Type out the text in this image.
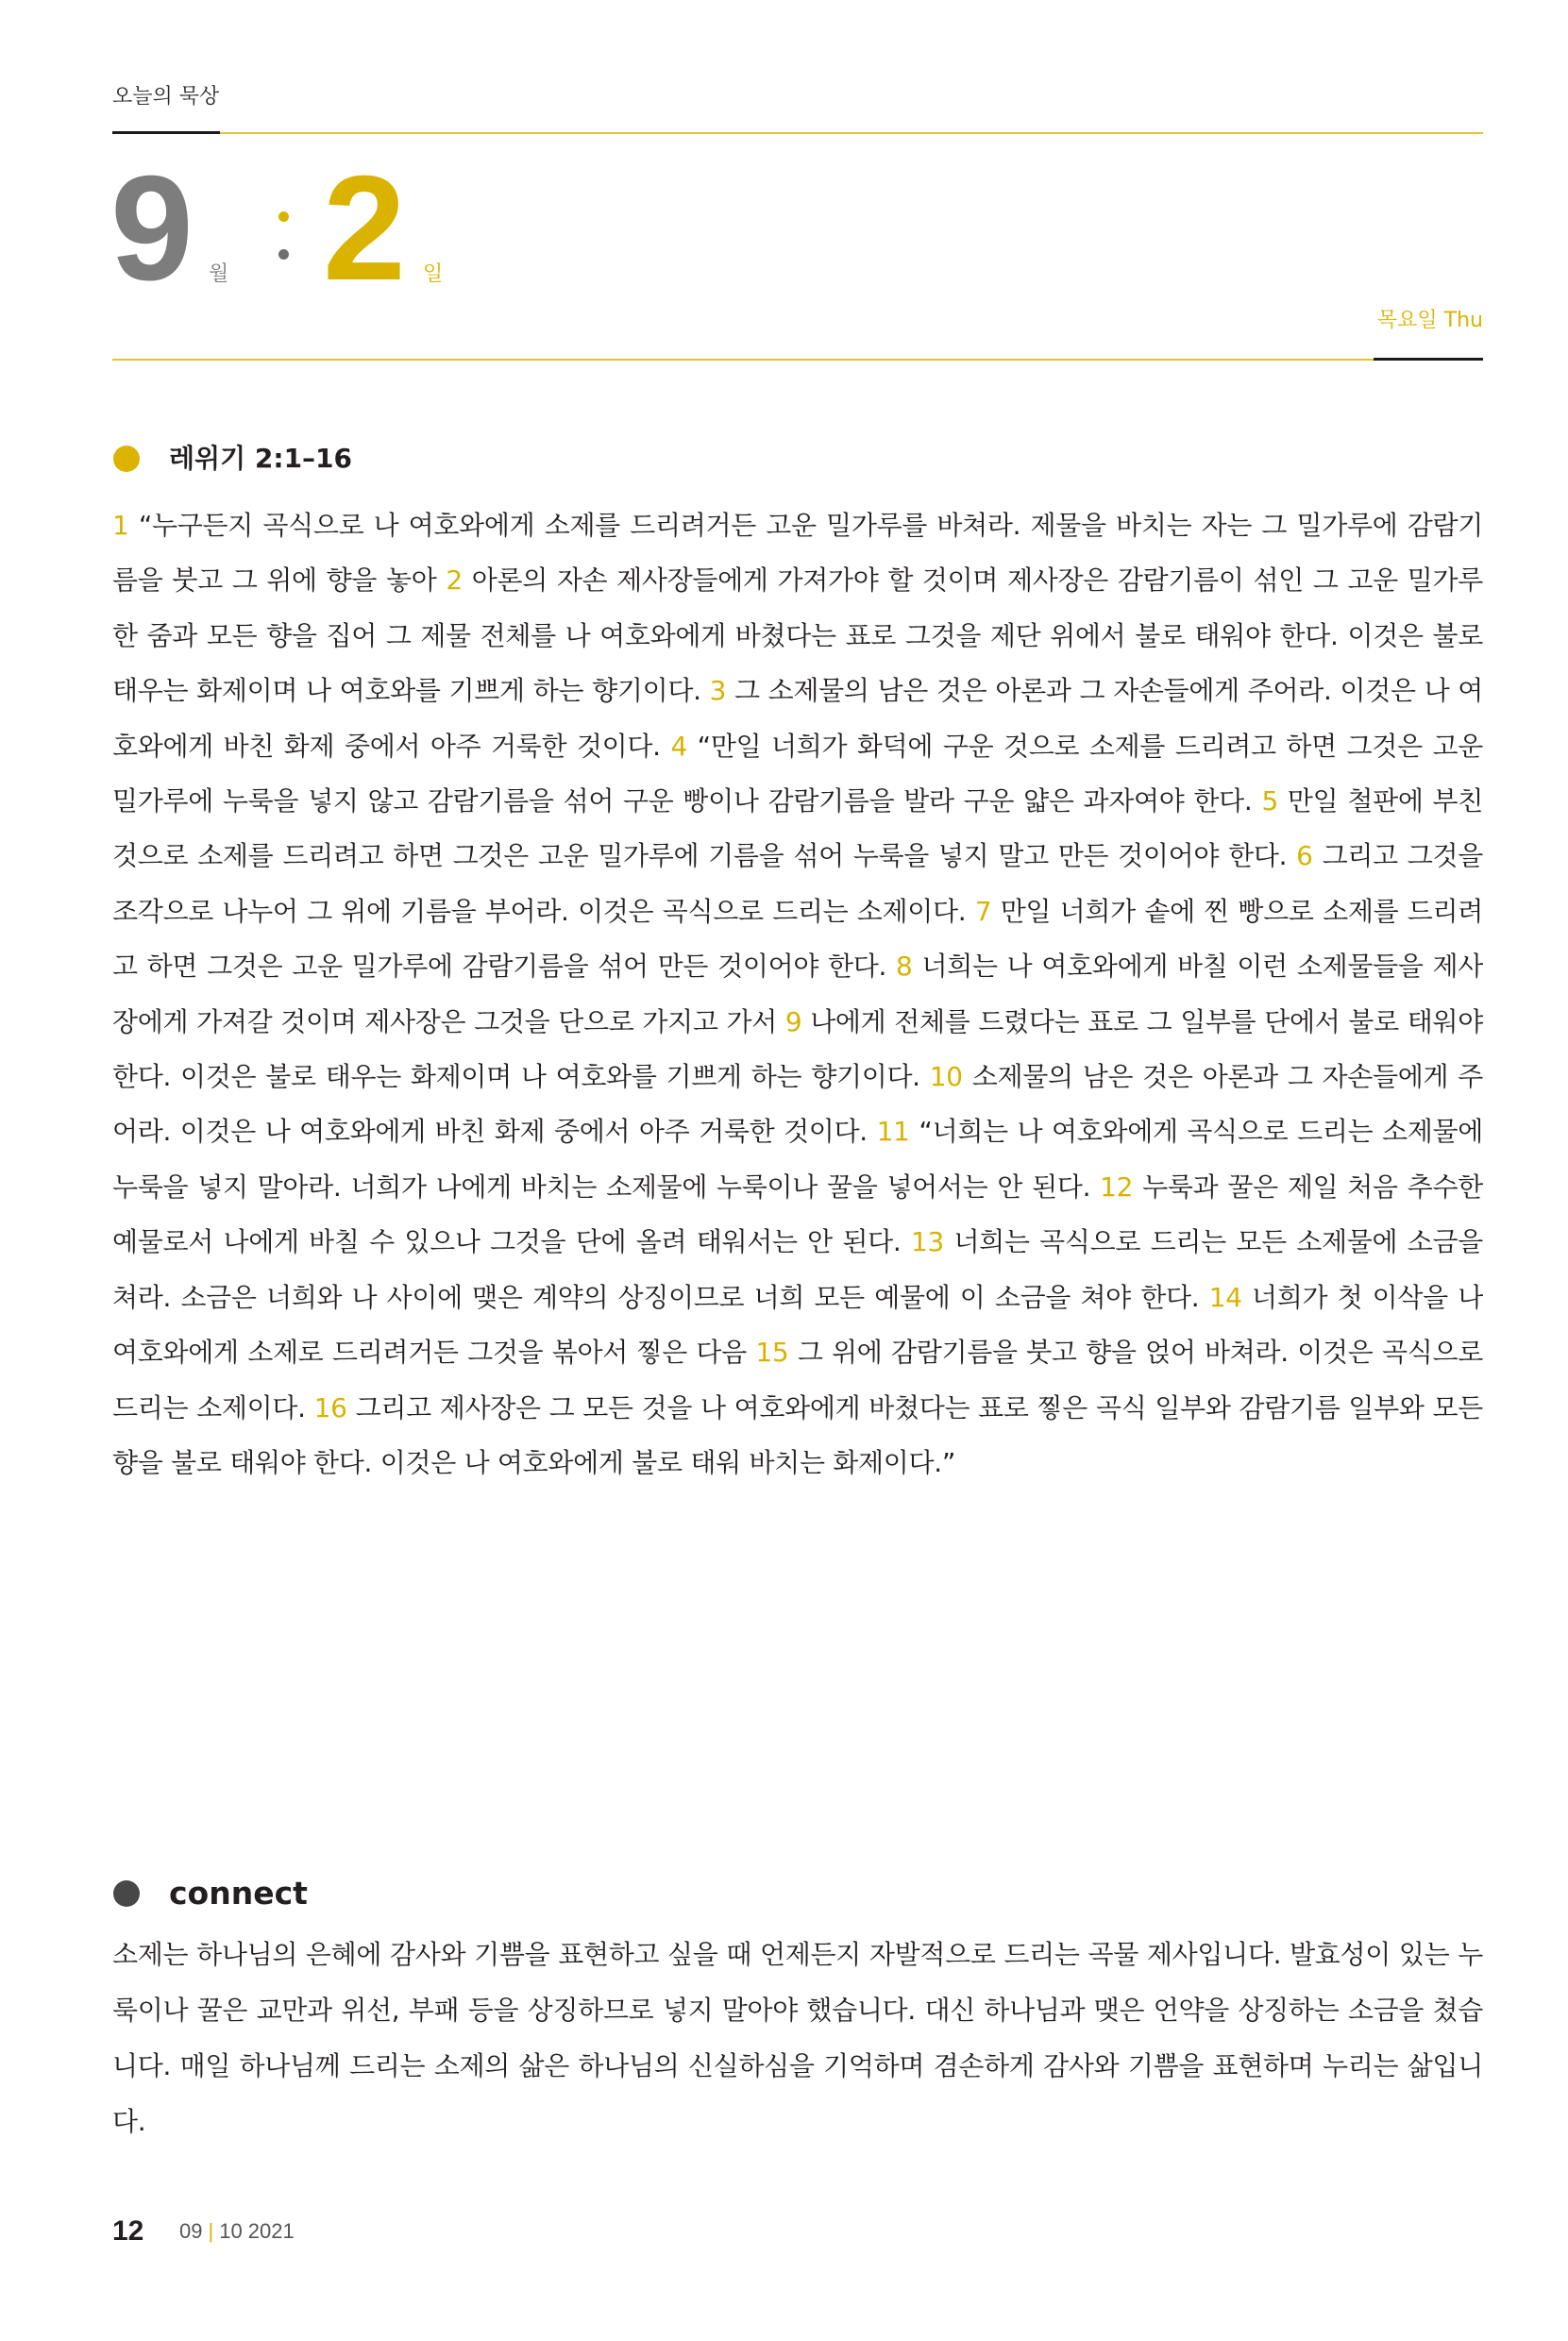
오늘의 묵상
9 월 2 일
목요일 Thu
레위기 2:1–16

1 “누구든지 곡식으로 나 여호와에게 소제를 드리려거든 고운 밀가루를 바쳐라. 제물을 바치는 자는 그 밀가루에 감람기름을 붓고 그 위에 향을 놓아 2 아론의 자손 제사장들에게 가져가야 할 것이며 제사장은 감람기름이 섞인 그 고운 밀가루 한 줌과 모든 향을 집어 그 제물 전체를 나 여호와에게 바쳤다는 표로 그것을 제단 위에서 불로 태워야 한다. 이것은 불로 태우는 화제이며 나 여호와를 기쁘게 하는 향기이다. 3 그 소제물의 남은 것은 아론과 그 자손들에게 주어라. 이것은 나 여호와에게 바친 화제 중에서 아주 거룩한 것이다. 4 “만일 너희가 화덕에 구운 것으로 소제를 드리려고 하면 그것은 고운 밀가루에 누룩을 넣지 않고 감람기름을 섞어 구운 빵이나 감람기름을 발라 구운 얇은 과자여야 한다. 5 만일 철판에 부친 것으로 소제를 드리려고 하면 그것은 고운 밀가루에 기름을 섞어 누룩을 넣지 말고 만든 것이어야 한다. 6 그리고 그것을 조각으로 나누어 그 위에 기름을 부어라. 이것은 곡식으로 드리는 소제이다. 7 만일 너희가 솥에 찐 빵으로 소제를 드리려고 하면 그것은 고운 밀가루에 감람기름을 섞어 만든 것이어야 한다. 8 너희는 나 여호와에게 바칠 이런 소제물들을 제사장에게 가져갈 것이며 제사장은 그것을 단으로 가지고 가서 9 나에게 전체를 드렸다는 표로 그 일부를 단에서 불로 태워야 한다. 이것은 불로 태우는 화제이며 나 여호와를 기쁘게 하는 향기이다. 10 소제물의 남은 것은 아론과 그 자손들에게 주어라. 이것은 나 여호와에게 바친 화제 중에서 아주 거룩한 것이다. 11 “너희는 나 여호와에게 곡식으로 드리는 소제물에 누룩을 넣지 말아라. 너희가 나에게 바치는 소제물에 누룩이나 꿀을 넣어서는 안 된다. 12 누룩과 꿀은 제일 처음 추수한 예물로서 나에게 바칠 수 있으나 그것을 단에 올려 태워서는 안 된다. 13 너희는 곡식으로 드리는 모든 소제물에 소금을 쳐라. 소금은 너희와 나 사이에 맺은 계약의 상징이므로 너희 모든 예물에 이 소금을 쳐야 한다. 14 너희가 첫 이삭을 나 여호와에게 소제로 드리려거든 그것을 볶아서 찧은 다음 15 그 위에 감람기름을 붓고 향을 얹어 바쳐라. 이것은 곡식으로 드리는 소제이다. 16 그리고 제사장은 그 모든 것을 나 여호와에게 바쳤다는 표로 찧은 곡식 일부와 감람기름 일부와 모든 향을 불로 태워야 한다. 이것은 나 여호와에게 불로 태워 바치는 화제이다.”

connect

소제는 하나님의 은혜에 감사와 기쁨을 표현하고 싶을 때 언제든지 자발적으로 드리는 곡물 제사입니다. 발효성이 있는 누룩이나 꿀은 교만과 위선, 부패 등을 상징하므로 넣지 말아야 했습니다. 대신 하나님과 맺은 언약을 상징하는 소금을 쳤습니다. 매일 하나님께 드리는 소제의 삶은 하나님의 신실하심을 기억하며 겸손하게 감사와 기쁨을 표현하며 누리는 삶입니다.

12 09 | 10 2021
